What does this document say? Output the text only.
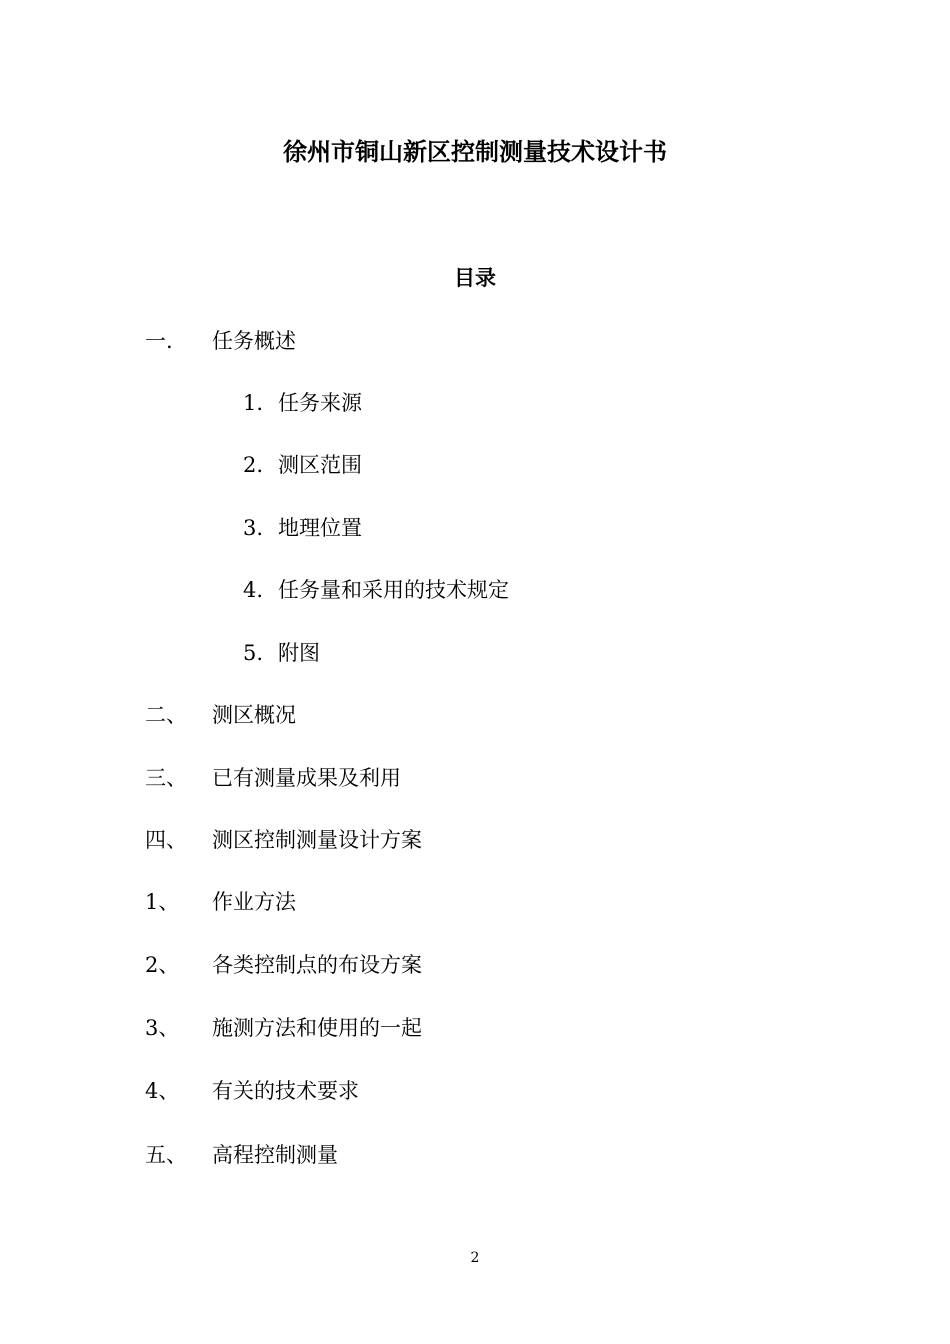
徐州市铜山新区控制测量技术设计书
目录
一. 任务概述
1. 任务来源
2. 测区范围
3. 地理位置
4. 任务量和采用的技术规定
5. 附图
二、 测区概况
三、 已有测量成果及利用
四、 测区控制测量设计方案
1、 作业方法
2、 各类控制点的布设方案
3、 施测方法和使用的一起
4、 有关的技术要求
五、 高程控制测量
2
